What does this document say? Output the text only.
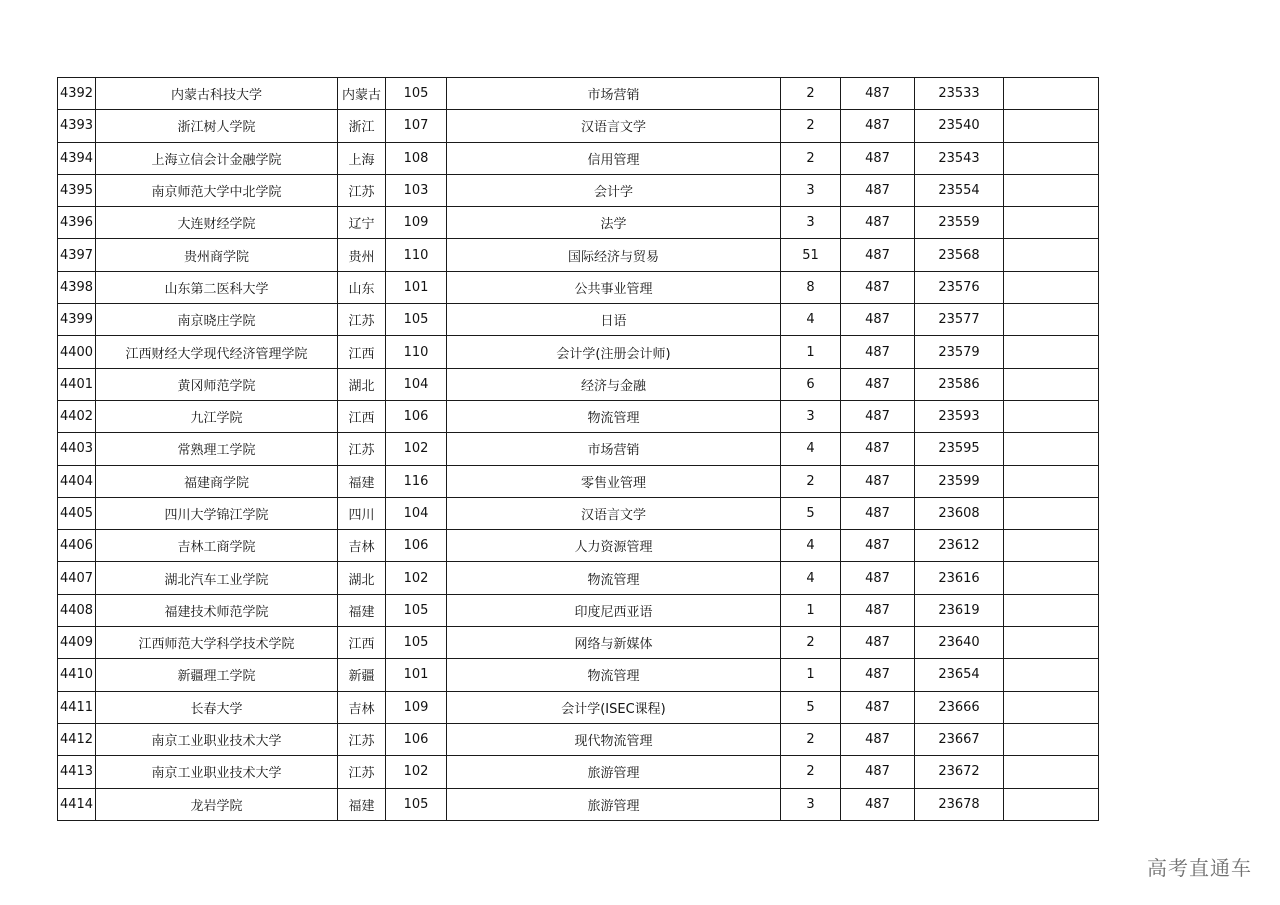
4392	内蒙古科技大学	内蒙古	105	市场营销	2	487	23533	
4393	浙江树人学院	浙江	107	汉语言文学	2	487	23540	
4394	上海立信会计金融学院	上海	108	信用管理	2	487	23543	
4395	南京师范大学中北学院	江苏	103	会计学	3	487	23554	
4396	大连财经学院	辽宁	109	法学	3	487	23559	
4397	贵州商学院	贵州	110	国际经济与贸易	51	487	23568	
4398	山东第二医科大学	山东	101	公共事业管理	8	487	23576	
4399	南京晓庄学院	江苏	105	日语	4	487	23577	
4400	江西财经大学现代经济管理学院	江西	110	会计学(注册会计师)	1	487	23579	
4401	黄冈师范学院	湖北	104	经济与金融	6	487	23586	
4402	九江学院	江西	106	物流管理	3	487	23593	
4403	常熟理工学院	江苏	102	市场营销	4	487	23595	
4404	福建商学院	福建	116	零售业管理	2	487	23599	
4405	四川大学锦江学院	四川	104	汉语言文学	5	487	23608	
4406	吉林工商学院	吉林	106	人力资源管理	4	487	23612	
4407	湖北汽车工业学院	湖北	102	物流管理	4	487	23616	
4408	福建技术师范学院	福建	105	印度尼西亚语	1	487	23619	
4409	江西师范大学科学技术学院	江西	105	网络与新媒体	2	487	23640	
4410	新疆理工学院	新疆	101	物流管理	1	487	23654	
4411	长春大学	吉林	109	会计学(ISEC课程)	5	487	23666	
4412	南京工业职业技术大学	江苏	106	现代物流管理	2	487	23667	
4413	南京工业职业技术大学	江苏	102	旅游管理	2	487	23672	
4414	龙岩学院	福建	105	旅游管理	3	487	23678	
高考直通车
